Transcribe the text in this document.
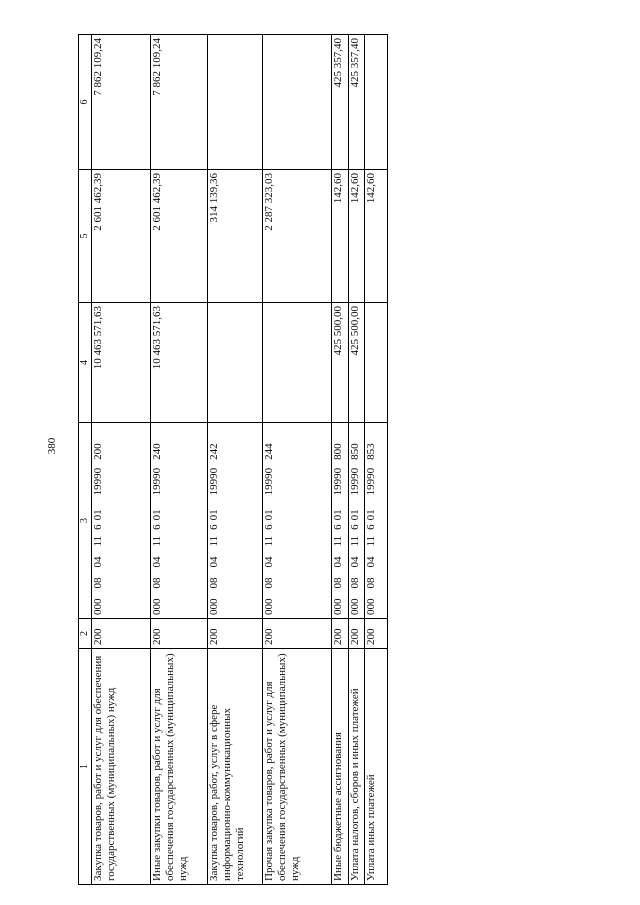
380
1	2	3	4	5	6
Закупка товаров, работ и услуг для обеспечения государственных (муниципальных) нужд	200	00008041160119990200	10 463 571,63	2 601 462,39	7 862 109,24
Иные закупки товаров, работ и услуг для обеспечения государственных (муниципальных) нужд	200	00008041160119990240	10 463 571,63	2 601 462,39	7 862 109,24
Закупка товаров, работ, услуг в сфере информационно-коммуникационных технологий	200	00008041160119990242		314 139,36	
Прочая закупка товаров, работ и услуг для обеспечения государственных (муниципальных) нужд	200	00008041160119990244		2 287 323,03	
Иные бюджетные ассигнования	200	00008041160119990800	425 500,00	142,60	425 357,40
Уплата налогов, сборов и иных платежей	200	00008041160119990850	425 500,00	142,60	425 357,40
Уплата иных платежей	200	00008041160119990853		142,60	
